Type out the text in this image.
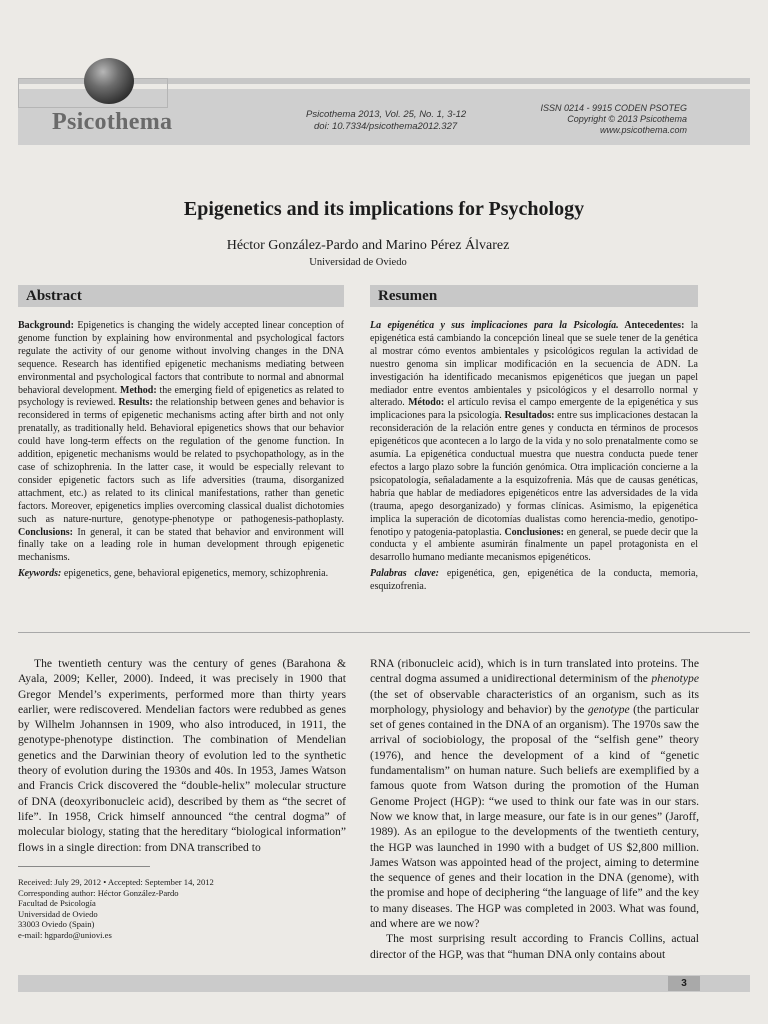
Psicothema	Psicothema 2013, Vol. 25, No. 1, 3-12
doi: 10.7334/psicothema2012.327
ISSN 0214 - 9915 CODEN PSOTEG
Copyright © 2013 Psicothema
www.psicothema.com
Epigenetics and its implications for Psychology
Héctor González-Pardo and Marino Pérez Álvarez
Universidad de Oviedo
Abstract	Resumen

Background: Epigenetics is changing the widely accepted linear conception of genome function by explaining how environmental and psychological factors regulate the activity of our genome without involving changes in the DNA sequence. Research has identified epigenetic mechanisms mediating between environmental and psychological factors that contribute to normal and abnormal behavioral development. Method: the emerging field of epigenetics as related to psychology is reviewed. Results: the relationship between genes and behavior is reconsidered in terms of epigenetic mechanisms acting after birth and not only prenatally, as traditionally held. Behavioral epigenetics shows that our behavior could have long-term effects on the regulation of the genome function. In addition, epigenetic mechanisms would be related to psychopathology, as in the case of schizophrenia. In the latter case, it would be especially relevant to consider epigenetic factors such as life adversities (trauma, disorganized attachment, etc.) as related to its clinical manifestations, rather than genetic factors. Moreover, epigenetics implies overcoming classical dualist dichotomies such as nature-nurture, genotype-phenotype or pathogenesis-pathoplasty. Conclusions: In general, it can be stated that behavior and environment will finally take on a leading role in human development through epigenetic mechanisms.

Keywords: epigenetics, gene, behavioral epigenetics, memory, schizophrenia.

La epigenética y sus implicaciones para la Psicología. Antecedentes: la epigenética está cambiando la concepción lineal que se suele tener de la genética al mostrar cómo eventos ambientales y psicológicos regulan la actividad de nuestro genoma sin implicar modificación en la secuencia de ADN. La investigación ha identificado mecanismos epigenéticos que juegan un papel mediador entre eventos ambientales y psicológicos y el desarrollo normal y alterado. Método: el artículo revisa el campo emergente de la epigenética y sus implicaciones para la psicología. Resultados: entre sus implicaciones destacan la reconsideración de la relación entre genes y conducta en términos de procesos epigenéticos que acontecen a lo largo de la vida y no solo prenatalmente como se asumía. La epigenética conductual muestra que nuestra conducta puede tener efectos a largo plazo sobre la función genómica. Otra implicación concierne a la psicopatología, señaladamente a la esquizofrenia. Más que de causas genéticas, habría que hablar de mediadores epigenéticos entre las adversidades de la vida (trauma, apego desorganizado) y formas clínicas. Asimismo, la epigenética implica la superación de dicotomías dualistas como herencia-medio, genotipo-fenotipo y patogenia-patoplastia. Conclusiones: en general, se puede decir que la conducta y el ambiente asumirán finalmente un papel protagonista en el desarrollo humano mediante mecanismos epigenéticos.

Palabras clave: epigenética, gen, epigenética de la conducta, memoria, esquizofrenia.

The twentieth century was the century of genes (Barahona & Ayala, 2009; Keller, 2000). Indeed, it was precisely in 1900 that Gregor Mendel’s experiments, performed more than thirty years earlier, were rediscovered. Mendelian factors were redubbed as genes by Wilhelm Johannsen in 1909, who also introduced, in 1911, the genotype-phenotype distinction. The combination of Mendelian genetics and the Darwinian theory of evolution led to the synthetic theory of evolution during the 1930s and 40s. In 1953, James Watson and Francis Crick discovered the “double-helix” molecular structure of DNA (deoxyribonucleic acid), described by them as “the secret of life”. In 1958, Crick himself announced “the central dogma” of molecular biology, stating that the hereditary “biological information” flows in a single direction: from DNA transcribed to

RNA (ribonucleic acid), which is in turn translated into proteins. The central dogma assumed a unidirectional determinism of the phenotype (the set of observable characteristics of an organism, such as its morphology, physiology and behavior) by the genotype (the particular set of genes contained in the DNA of an organism). The 1970s saw the arrival of sociobiology, the proposal of the “selfish gene” theory (1976), and hence the development of a kind of “genetic fundamentalism” on human nature. Such beliefs are exemplified by a famous quote from Watson during the promotion of the Human Genome Project (HGP): “we used to think our fate was in our stars. Now we know that, in large measure, our fate is in our genes” (Jaroff, 1989). As an epilogue to the developments of the twentieth century, the HGP was launched in 1990 with a budget of US $2,800 million. James Watson was appointed head of the project, aiming to determine the sequence of genes and their location in the DNA (genome), with the promise and hope of deciphering “the language of life” and the key to many diseases. The HGP was completed in 2003. What was found, and where are we now?

The most surprising result according to Francis Collins, actual director of the HGP, was that “human DNA only contains about

Received: July 29, 2012 • Accepted: September 14, 2012
Corresponding author: Héctor González-Pardo
Facultad de Psicología
Universidad de Oviedo
33003 Oviedo (Spain)
e-mail: hgpardo@uniovi.es
3
